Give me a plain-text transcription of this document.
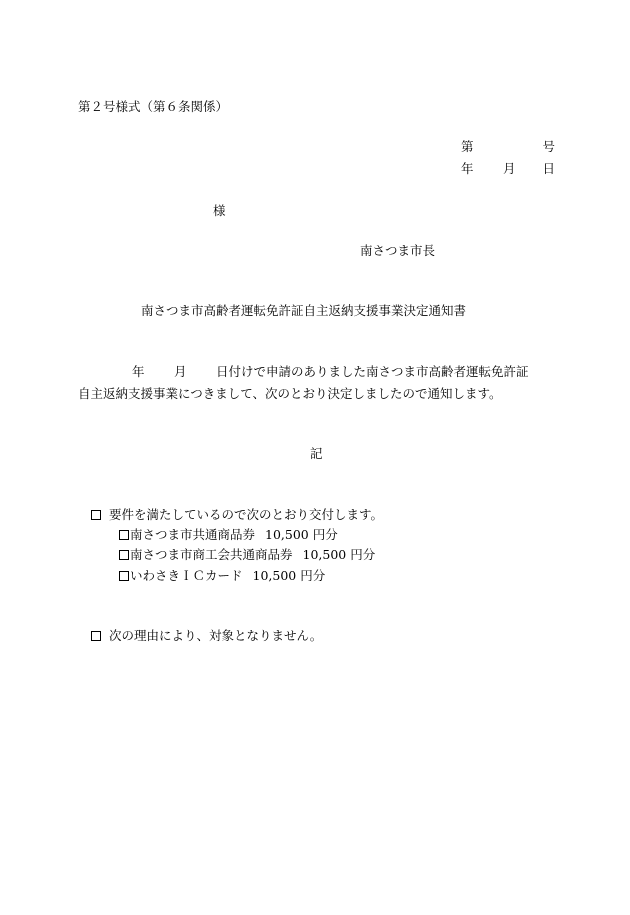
第２号様式（第６条関係）
第	号
年 月 日
様
南さつま市長
南さつま市高齢者運転免許証自主返納支援事業決定通知書
年 月 日付けで申請のありました南さつま市高齢者運転免許証
自主返納支援事業につきまして、次のとおり決定しましたので通知します。
記
要件を満たしているので次のとおり交付します。
南さつま市共通商品券 10,500 円分
南さつま市商工会共通商品券 10,500 円分
いわさきＩＣカード 10,500 円分
次の理由により、対象となりません。
